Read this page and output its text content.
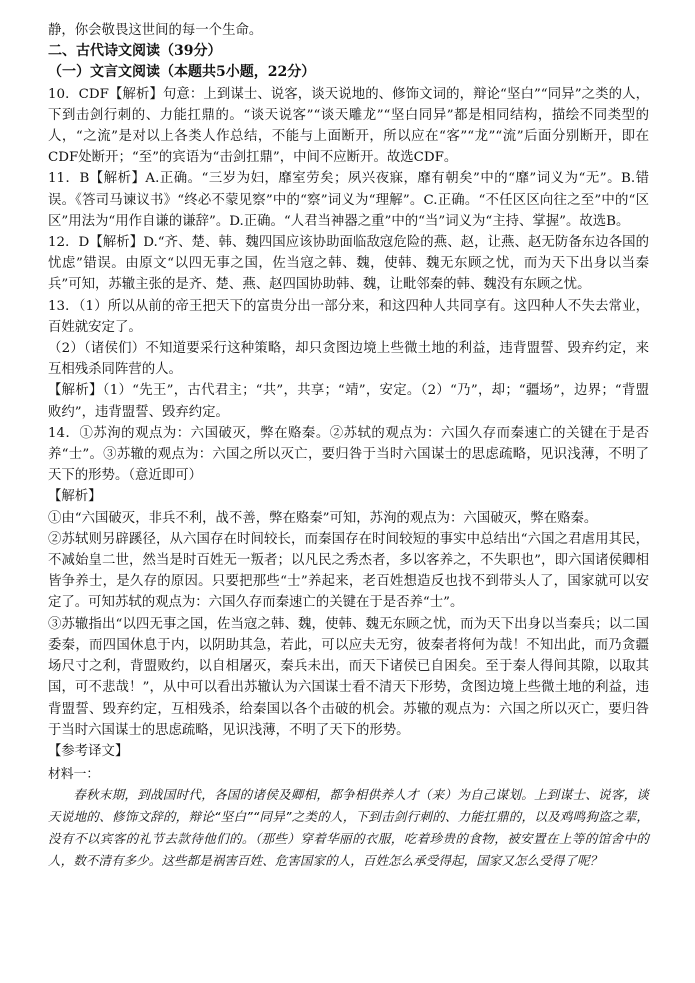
静，你会敬畏这世间的每一个生命。

二、古代诗文阅读（39分）

（一）文言文阅读（本题共5小题，22分）

10．CDF【解析】句意：上到谋士、说客，谈天说地的、修饰文词的，辩论“坚白”“同异”之类的人，下到击剑行刺的、力能扛鼎的。“谈天说客”“谈天雕龙”“坚白同异”都是相同结构，描绘不同类型的人，“之流”是对以上各类人作总结，不能与上面断开，所以应在“客”“龙”“流”后面分别断开，即在CDF处断开；“至”的宾语为“击剑扛鼎”，中间不应断开。故选CDF。

11．B【解析】A.正确。“三岁为妇，靡室劳矣；夙兴夜寐，靡有朝矣”中的“靡”词义为“无”。B.错误。《答司马谏议书》“终必不蒙见察”中的“察”词义为“理解”。C.正确。“不任区区向往之至”中的“区区”用法为“用作自谦的谦辞”。D.正确。“人君当神器之重”中的“当”词义为“主持、掌握”。故选B。

12．D【解析】D.“齐、楚、韩、魏四国应该协助面临敌寇危险的燕、赵，让燕、赵无防备东边各国的忧虑”错误。由原文“以四无事之国，佐当寇之韩、魏，使韩、魏无东顾之忧，而为天下出身以当秦兵”可知，苏辙主张的是齐、楚、燕、赵四国协助韩、魏，让毗邻秦的韩、魏没有东顾之忧。

13．（1）所以从前的帝王把天下的富贵分出一部分来，和这四种人共同享有。这四种人不失去常业，百姓就安定了。

（2）（诸侯们）不知道要采行这种策略，却只贪图边境上些微土地的利益，违背盟誓、毁弃约定，来互相残杀同阵营的人。

【解析】（1）“先王”，古代君主；“共”，共享；“靖”，安定。（2）“乃”，却；“疆场”，边界；“背盟败约”，违背盟誓、毁弃约定。

14．①苏洵的观点为：六国破灭，弊在赂秦。②苏轼的观点为：六国久存而秦速亡的关键在于是否养“士”。③苏辙的观点为：六国之所以灭亡，要归咎于当时六国谋士的思虑疏略，见识浅薄，不明了天下的形势。（意近即可）

【解析】

①由“六国破灭，非兵不利，战不善，弊在赂秦”可知，苏洵的观点为：六国破灭，弊在赂秦。

②苏轼则另辟蹊径，从六国存在时间较长，而秦国存在时间较短的事实中总结出“六国之君虐用其民，不减始皇二世，然当是时百姓无一叛者；以凡民之秀杰者，多以客养之，不失职也”，即六国诸侯卿相皆争养士，是久存的原因。只要把那些“士”养起来，老百姓想造反也找不到带头人了，国家就可以安定了。可知苏轼的观点为：六国久存而秦速亡的关键在于是否养“士”。

③苏辙指出“以四无事之国，佐当寇之韩、魏，使韩、魏无东顾之忧，而为天下出身以当秦兵；以二国委秦，而四国休息于内，以阴助其急，若此，可以应夫无穷，彼秦者将何为哉！不知出此，而乃贪疆场尺寸之利，背盟败约，以自相屠灭，秦兵未出，而天下诸侯已自困矣。至于秦人得间其隙，以取其国，可不悲哉！”，从中可以看出苏辙认为六国谋士看不清天下形势，贪图边境上些微土地的利益，违背盟誓、毁弃约定，互相残杀，给秦国以各个击破的机会。苏辙的观点为：六国之所以灭亡，要归咎于当时六国谋士的思虑疏略，见识浅薄，不明了天下的形势。

【参考译文】

材料一：

春秋末期，到战国时代，各国的诸侯及卿相，都争相供养人才（来）为自己谋划。上到谋士、说客，谈天说地的、修饰文辞的，辩论“坚白”“同异”之类的人，下到击剑行刺的、力能扛鼎的，以及鸡鸣狗盗之辈，没有不以宾客的礼节去款待他们的。（那些）穿着华丽的衣服，吃着珍贵的食物，被安置在上等的馆舍中的人，数不清有多少。这些都是祸害百姓、危害国家的人，百姓怎么承受得起，国家又怎么受得了呢？
